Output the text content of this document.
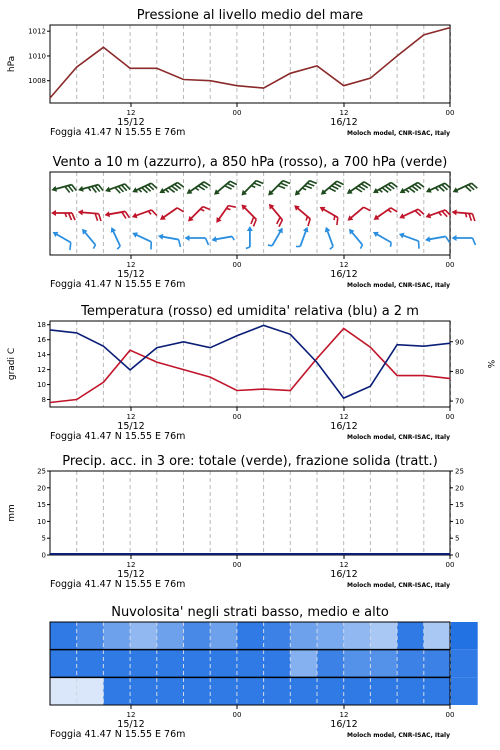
Pressione al livello medio del mare
1008
1010
1012
hPa
12	00	12	00
15/12	16/12
Foggia 41.47 N 15.55 E 76m	Moloch model, CNR-ISAC, Italy
Vento a 10 m (azzurro), a 850 hPa (rosso), a 700 hPa (verde)
12	00	12	00
15/12	16/12
Foggia 41.47 N 15.55 E 76m	Moloch model, CNR-ISAC, Italy
Temperatura (rosso) ed umidita' relativa (blu) a 2 m
8
10
12
14
16
18
70
80
90
gradi C	%
12	00	12	00
15/12	16/12
Foggia 41.47 N 15.55 E 76m	Moloch model, CNR-ISAC, Italy
Precip. acc. in 3 ore: totale (verde), frazione solida (tratt.)
0
5
10
15
20
25
0
5
10
15
20
25
mm
12	00	12	00
15/12	16/12
Foggia 41.47 N 15.55 E 76m	Moloch model, CNR-ISAC, Italy
Nuvolosita' negli strati basso, medio e alto
12	00	12	00
15/12	16/12
Foggia 41.47 N 15.55 E 76m	Moloch model, CNR-ISAC, Italy
